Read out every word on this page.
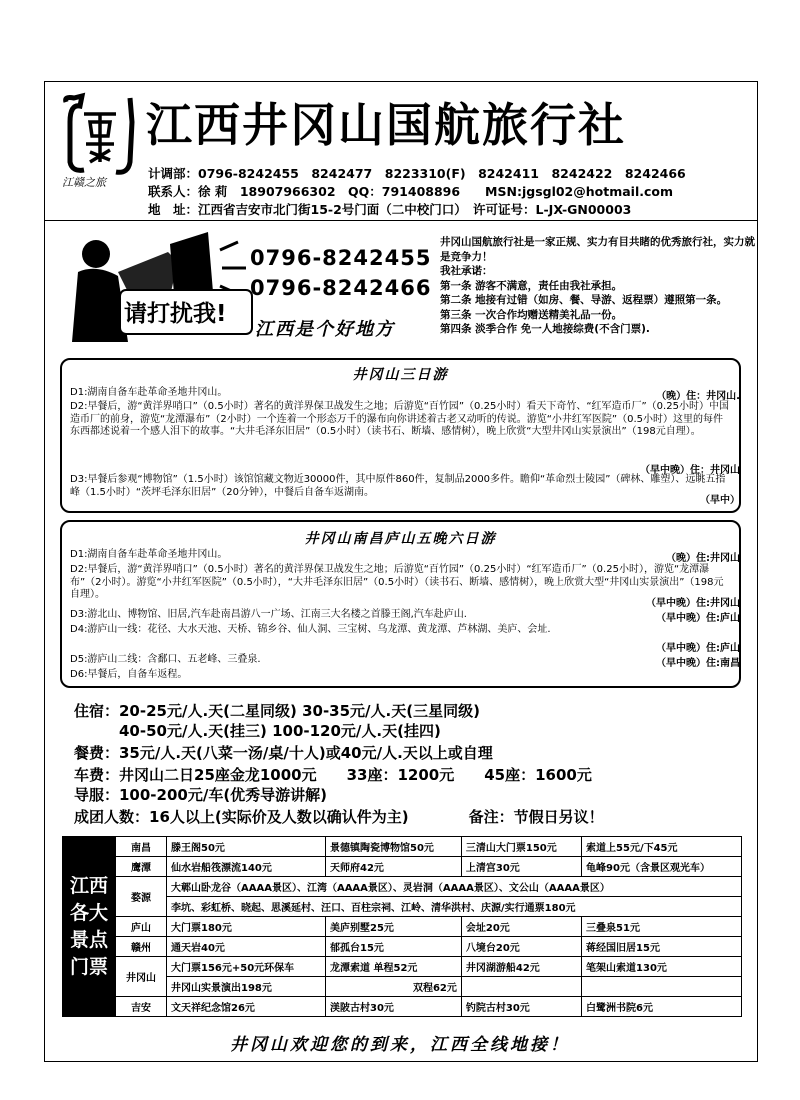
江赣之旅
江西井冈山国航旅行社
计调部：0796-8242455　8242477　8223310(F)　8242411　8242422　8242466
联系人：徐 莉　18907966302　QQ：791408896　　MSN:jgsgl02@hotmail.com
地　址：江西省吉安市北门街15-2号门面（二中校门口）　许可证号：L-JX-GN00003
请打扰我!
0796-8242455
0796-8242466
江西是个好地方
井冈山国航旅行社是一家正规、实力有目共睹的优秀旅行社，实力就是竞争力！
我社承诺：
第一条 游客不满意，责任由我社承担。
第二条 地接有过错（如房、餐、导游、返程票）遵照第一条。
第三条 一次合作均赠送精美礼品一份。
第四条 淡季合作 免一人地接综费(不含门票).
井冈山三日游
D1:湖南自备车赴革命圣地井冈山。	（晚）住：井冈山.
D2:早餐后，游“黄洋界哨口”（0.5小时）著名的黄洋界保卫战发生之地；后游览“百竹园”（0.25小时）看天下奇竹、“红军造币厂”（0.25小时）中国造币厂的前身，游览“龙潭瀑布”（2小时）一个连着一个形态万千的瀑布向你讲述着古老又动听的传说。游览“小井红军医院”（0.5小时）这里的每件东西都述说着一个感人泪下的故事。“大井毛泽东旧居”（0.5小时）（读书石、断墙、感情树），晚上欣赏“大型井冈山实景演出”（198元自理）。
（早中晚）住：井冈山
D3:早餐后参观“博物馆”（1.5小时）该馆馆藏文物近30000件，其中原件860件，复制品2000多件。瞻仰“革命烈士陵园”（碑林、雕塑）、远眺五指峰（1.5小时）“茨坪毛泽东旧居”（20分钟），中餐后自备车返湖南。
（早中）
井冈山南昌庐山五晚六日游
D1:湖南自备车赴革命圣地井冈山。	（晚）住:井冈山
D2:早餐后，游“黄洋界哨口”（0.5小时）著名的黄洋界保卫战发生之地；后游览“百竹园”（0.25小时）“红军造币厂”（0.25小时），游览“龙潭瀑布”（2小时）。游览“小井红军医院”（0.5小时），“大井毛泽东旧居”（0.5小时）（读书石、断墙、感情树），晚上欣赏大型“井冈山实景演出”（198元自理）。
（早中晚）住:井冈山
D3:游北山、博物馆、旧居,汽车赴南昌游八一广场、江南三大名楼之首滕王阁,汽车赴庐山.	（早中晚）住:庐山
D4:游庐山一线：花径、大水天池、天桥、锦乡谷、仙人洞、三宝树、乌龙潭、黄龙潭、芦林湖、美庐、会址.
（早中晚）住:庐山
D5:游庐山二线：含鄱口、五老峰、三叠泉.	（早中晚）住:南昌
D6:早餐后，自备车返程。
住宿：20-25元/人.天(二星同级) 30-35元/人.天(三星同级)
　　　40-50元/人.天(挂三) 100-120元/人.天(挂四)
餐费：35元/人.天(八菜一汤/桌/十人)或40元/人.天以上或自理
车费：井冈山二日25座金龙1000元　　33座：1200元　　45座：1600元
导服：100-200元/车(优秀导游讲解)
成团人数：16人以上(实际价及人数以确认件为主)　　　　备注：节假日另议！
江西
各大
景点
门票	南昌	滕王阁50元	景德镇陶瓷博物馆50元	三清山大门票150元	索道上55元/下45元
	鹰潭	仙水岩船筏漂流140元	天师府42元	上清宫30元	龟峰90元（含景区观光车）
	婺源	大鄣山卧龙谷（AAAA景区）、江湾（AAAA景区）、灵岩洞（AAAA景区）、文公山（AAAA景区）			
		李坑、彩虹桥、晓起、思溪延村、汪口、百柱宗祠、江岭、清华洪村、庆源/实行通票180元			
	庐山	大门票180元	美庐别墅25元	会址20元	三叠泉51元
	赣州	通天岩40元	郁孤台15元	八境台20元	蒋经国旧居15元
	井冈山	大门票156元+50元环保车	龙潭索道 单程52元	井冈湖游船42元	笔架山索道130元
		井冈山实景演出198元	双程62元		
	吉安	文天祥纪念馆26元	渼陂古村30元	钓院古村30元	白鹭洲书院6元
井冈山欢迎您的到来，江西全线地接！
